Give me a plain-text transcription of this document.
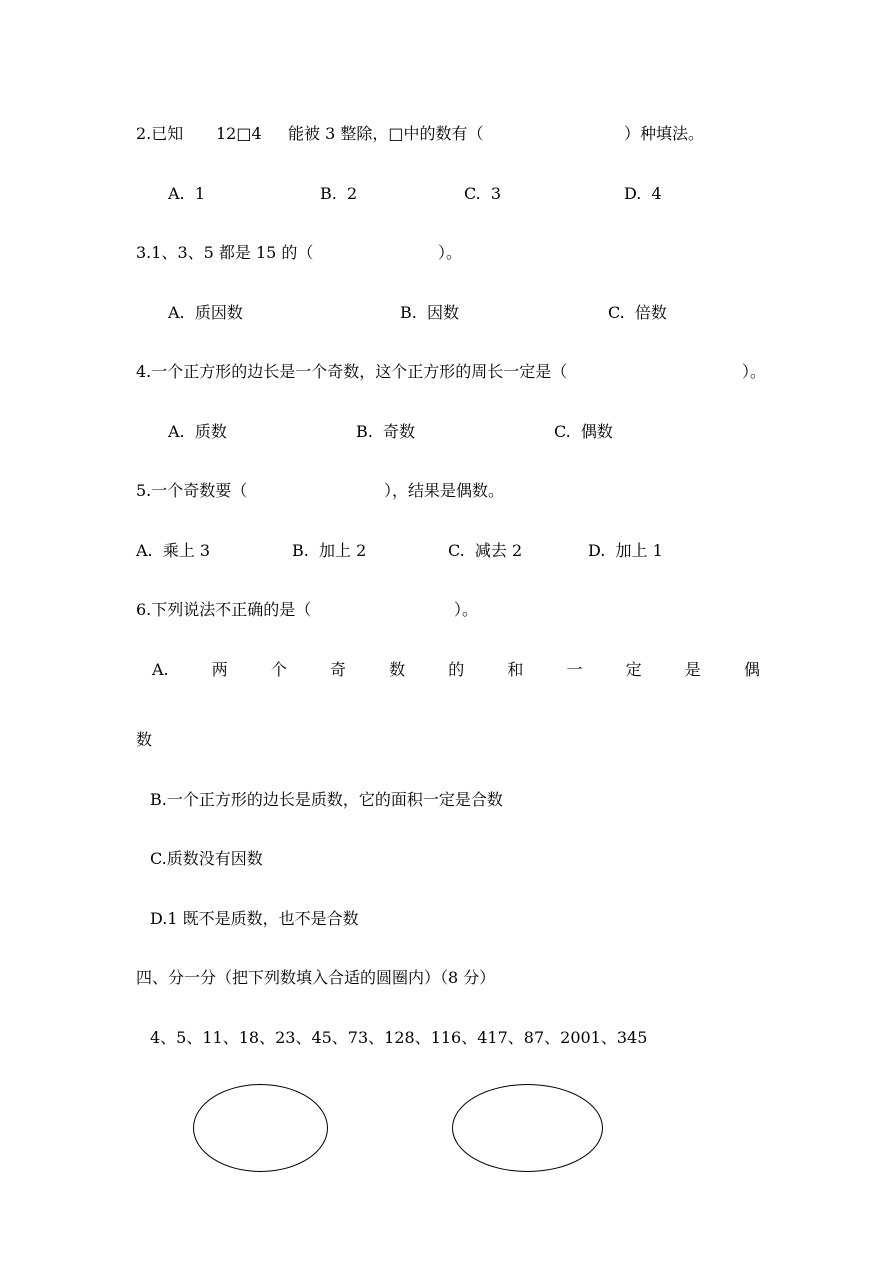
2.已知 12□4 能被 3 整除，□中的数有（	）种填法。
A.  1	B.  2	C.  3	D.  4
3.1、3、5 都是 15 的（	）。
A.  质因数	B.  因数	C.  倍数
4.一个正方形的边长是一个奇数，这个正方形的周长一定是（	）。
A.  质数	B.  奇数	C.  偶数
5.一个奇数要（	），结果是偶数。
A.  乘上 3	B.  加上 2	C.  减去 2	D.  加上 1
6.下列说法不正确的是（	）。
A.	两	个	奇	数	的	和	一	定	是	偶
数
B.一个正方形的边长是质数，它的面积一定是合数
C.质数没有因数
D.1 既不是质数，也不是合数
四、分一分（把下列数填入合适的圆圈内）（8 分）
4、5、11、18、23、45、73、128、116、417、87、2001、345
